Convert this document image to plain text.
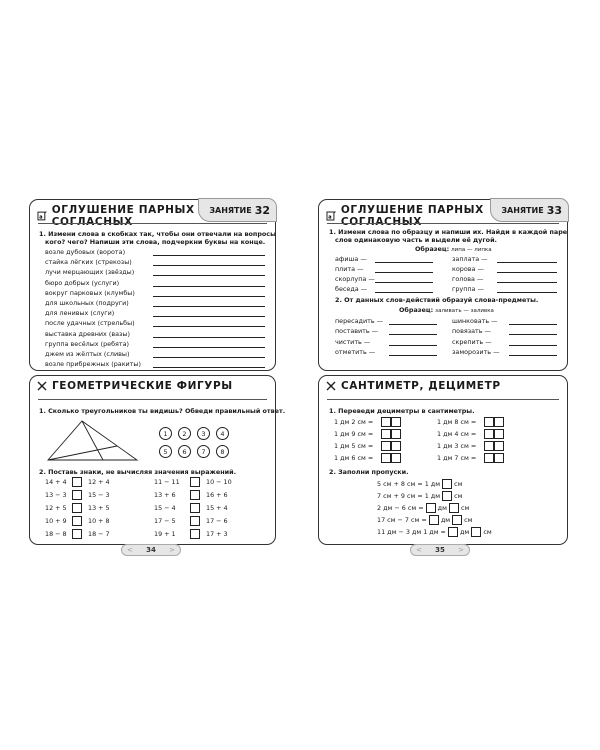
а
ОГЛУШЕНИЕ ПАРНЫХ СОГЛАСНЫХ
ЗАНЯТИЕ 32
1. Измени слова в скобках так, чтобы они отвечали на вопросы
кого? чего? Напиши эти слова, подчеркни буквы на конце.
возле дубовых (ворота)
стайка лёгких (стрекозы)
лучи мерцающих (звёзды)
бюро добрых (услуги)
вокруг парковых (клумбы)
для школьных (подруги)
для ленивых (слуги)
после удачных (стрельбы)
выставка древних (вазы)
группа весёлых (ребята)
джем из жёлтых (сливы)
возле прибрежных (ракиты)
а
ОГЛУШЕНИЕ ПАРНЫХ СОГЛАСНЫХ
ЗАНЯТИЕ 33
1. Измени слова по образцу и напиши их. Найди в каждой паре
слов одинаковую часть и выдели её дугой.
Образец: липа — липка
афиша —	заплата —
плита —	корова —
скорлупа —	голова —
беседа —	группа —
2. От данных слов-действий образуй слова-предметы.
Образец: заливать — заливка
пересадить —	шинковать —
поставить —	повязать —
чистить —	скрепить —
отметить —	заморозить —
ГЕОМЕТРИЧЕСКИЕ ФИГУРЫ
1. Сколько треугольников ты видишь? Обведи правильный ответ.
1	2	3	4
5	6	7	8
2. Поставь знаки, не вычисляя значения выражений.
14 + 4	12 + 4	11 − 11	10 − 10
13 − 3	15 − 3	13 + 6	16 + 6
12 + 5	13 + 5	15 − 4	15 + 4
10 + 9	10 + 8	17 − 5	17 − 6
18 − 8	18 − 7	19 + 1	17 + 3
САНТИМЕТР, ДЕЦИМЕТР
1. Переведи дециметры в сантиметры.
1 дм 2 см =	1 дм 8 см =
1 дм 9 см =	1 дм 4 см =
1 дм 5 см =	1 дм 3 см =
1 дм 6 см =	1 дм 7 см =
2. Заполни пропуски.
5 см + 8 см = 1 дм см
7 см + 9 см = 1 дм см
2 дм − 6 см = дм см
17 см − 7 см = дм см
11 дм − 3 дм 1 дм = дм см
< 34 >	< 35 >
